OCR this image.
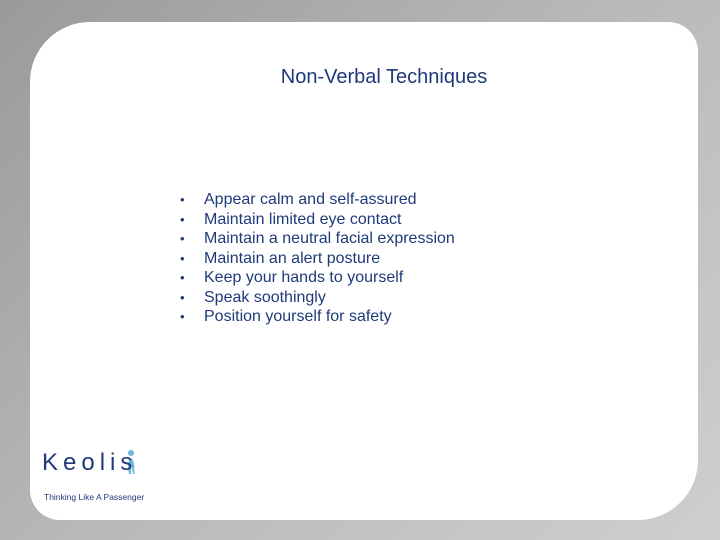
Non-Verbal Techniques
•	Appear calm and self-assured
•	Maintain limited eye contact
•	Maintain a neutral facial expression
•	Maintain an alert posture
•	Keep your hands to yourself
•	Speak soothingly
•	Position yourself for safety
Keolis
Thinking Like A Passenger
